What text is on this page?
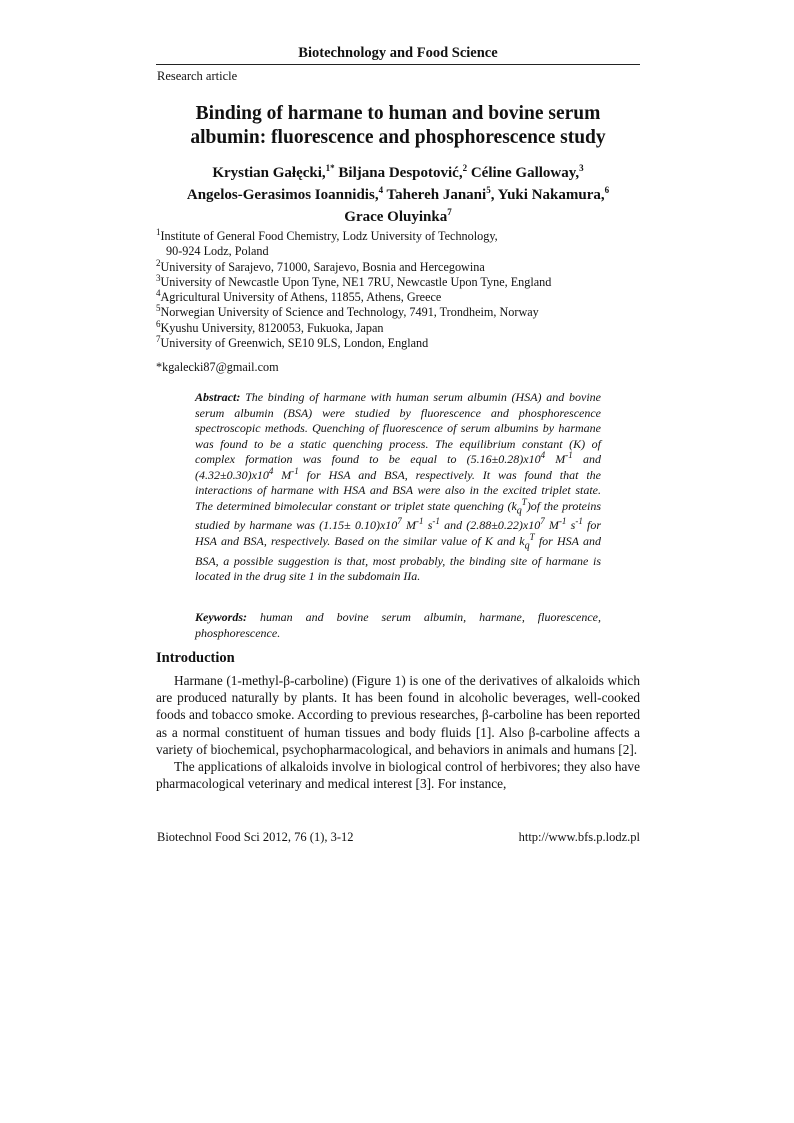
Biotechnology and Food Science
Research article
Binding of harmane to human and bovine serum
albumin: fluorescence and phosphorescence study
Krystian Gałęcki,$^{1*}$ Biljana Despotović,$^2$ Céline Galloway,$^3$
Angelos-Gerasimos Ioannidis,$^4$ Tahereh Janani$^5$, Yuki Nakamura,$^6$
Grace Oluyinka$^7$
$^1$Institute of General Food Chemistry, Lodz University of Technology,
90-924 Lodz, Poland
$^2$University of Sarajevo, 71000, Sarajevo, Bosnia and Hercegowina
$^3$University of Newcastle Upon Tyne, NE1 7RU, Newcastle Upon Tyne, England
$^4$Agricultural University of Athens, 11855, Athens, Greece
$^5$Norwegian University of Science and Technology, 7491, Trondheim, Norway
$^6$Kyushu University, 8120053, Fukuoka, Japan
$^7$University of Greenwich, SE10 9LS, London, England
*kgalecki87@gmail.com
Abstract: The binding of harmane with human serum albumin (HSA) and bovine serum albumin (BSA) were studied by fluorescence and phosphorescence spectroscopic methods. Quenching of fluorescence of serum albumins by harmane was found to be a static quenching process. The equilibrium constant (K) of complex formation was found to be equal to $(5.16\pm 0.28)x10^4$ $M^{-1}$ and $(4.32\pm 0.30)x10^4$ $M^{-1}$ for HSA and BSA, respectively. It was found that the interactions of harmane with HSA and BSA were also in the excited triplet state. The determined bimolecular constant or triplet state quenching $(k_q^T)of$ the proteins studied by harmane was $(1.15\pm 0.10)x10^7$ $M^{-1}$ $s^{-1}$ and $(2.88\pm 0.22)x10^7$ $M^{-1}$ $s^{-1}$ for HSA and BSA, respectively. Based on the similar value of K and $k_q^T$ for HSA and BSA, a possible suggestion is that, most probably, the binding site of harmane is located in the drug site 1 in the subdomain IIa.
Keywords: human and bovine serum albumin, harmane, fluorescence, phosphorescence.
Introduction

Harmane (1-methyl-β-carboline) (Figure 1) is one of the derivatives of alkaloids which are produced naturally by plants. It has been found in alcoholic beverages, well-cooked foods and tobacco smoke. According to previous researches, β-carboline has been reported as a normal constituent of human tissues and body fluids [1]. Also β-carboline affects a variety of biochemical, psychopharmacological, and behaviors in animals and humans [2].

The applications of alkaloids involve in biological control of herbivores; they also have pharmacological veterinary and medical interest [3]. For instance,

Biotechnol Food Sci 2012, 76 (1), 3-12	http://www.bfs.p.lodz.pl
